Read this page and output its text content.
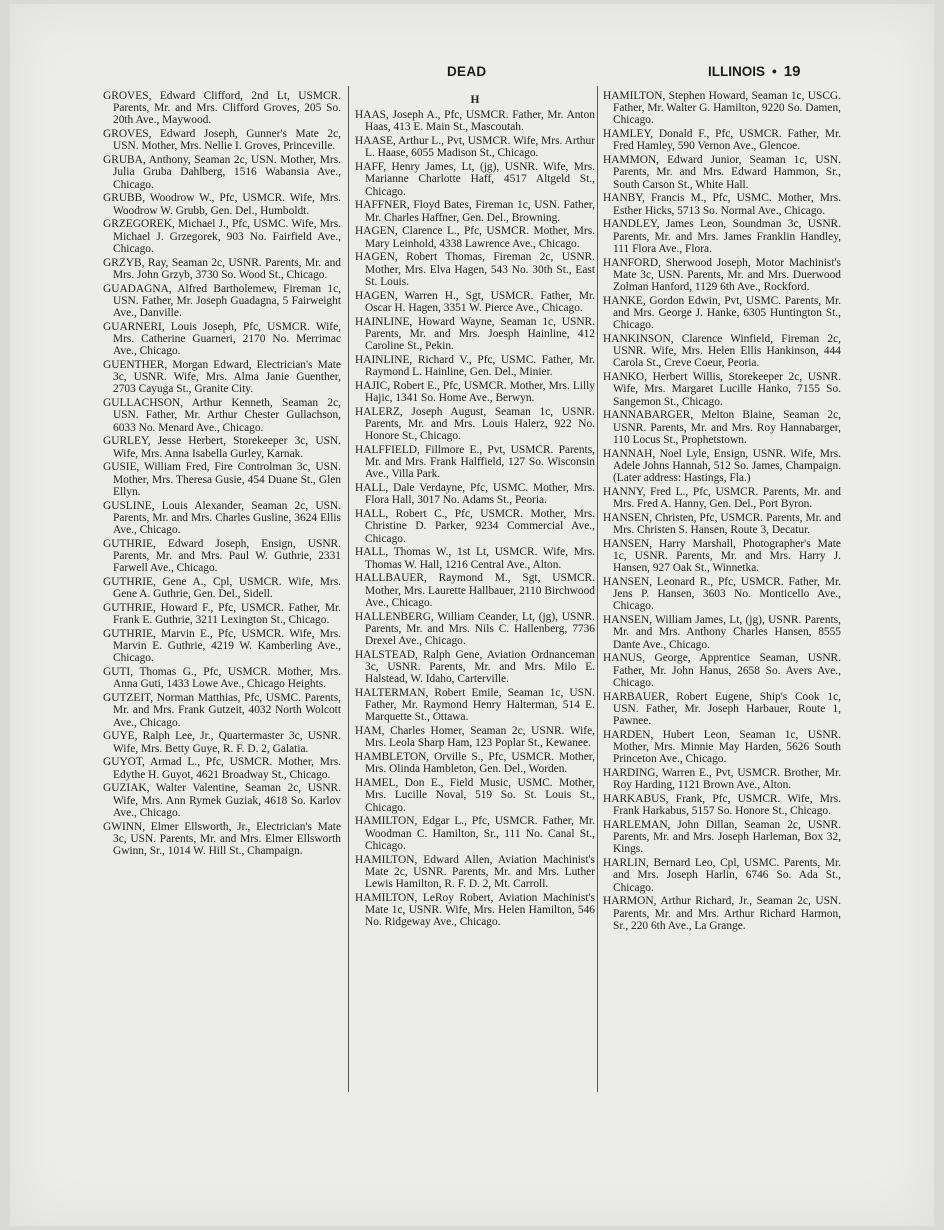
DEAD	ILLINOIS • 19
GROVES, Edward Clifford, 2nd Lt, USMCR. Parents, Mr. and Mrs. Clifford Groves, 205 So. 20th Ave., Maywood.
GROVES, Edward Joseph, Gunner's Mate 2c, USN. Mother, Mrs. Nellie I. Groves, Princeville.
GRUBA, Anthony, Seaman 2c, USN. Mother, Mrs. Julia Gruba Dahlberg, 1516 Wabansia Ave., Chicago.
GRUBB, Woodrow W., Pfc, USMCR. Wife, Mrs. Woodrow W. Grubb, Gen. Del., Humboldt.
GRZEGOREK, Michael J., Pfc, USMC. Wife, Mrs. Michael J. Grzegorek, 903 No. Fairfield Ave., Chicago.
GRZYB, Ray, Seaman 2c, USNR. Parents, Mr. and Mrs. John Grzyb, 3730 So. Wood St., Chicago.
GUADAGNA, Alfred Bartholemew, Fireman 1c, USN. Father, Mr. Joseph Guadagna, 5 Fairweight Ave., Danville.
GUARNERI, Louis Joseph, Pfc, USMCR. Wife, Mrs. Catherine Guarneri, 2170 No. Merrimac Ave., Chicago.
GUENTHER, Morgan Edward, Electrician's Mate 3c, USNR. Wife, Mrs. Alma Janie Guenther, 2703 Cayuga St., Granite City.
GULLACHSON, Arthur Kenneth, Seaman 2c, USN. Father, Mr. Arthur Chester Gullachson, 6033 No. Menard Ave., Chicago.
GURLEY, Jesse Herbert, Storekeeper 3c, USN. Wife, Mrs. Anna Isabella Gurley, Karnak.
GUSIE, William Fred, Fire Controlman 3c, USN. Mother, Mrs. Theresa Gusie, 454 Duane St., Glen Ellyn.
GUSLINE, Louis Alexander, Seaman 2c, USN. Parents, Mr. and Mrs. Charles Gusline, 3624 Ellis Ave., Chicago.
GUTHRIE, Edward Joseph, Ensign, USNR. Parents, Mr. and Mrs. Paul W. Guthrie, 2331 Farwell Ave., Chicago.
GUTHRIE, Gene A., Cpl, USMCR. Wife, Mrs. Gene A. Guthrie, Gen. Del., Sidell.
GUTHRIE, Howard F., Pfc, USMCR. Father, Mr. Frank E. Guthrie, 3211 Lexington St., Chicago.
GUTHRIE, Marvin E., Pfc, USMCR. Wife, Mrs. Marvin E. Guthrie, 4219 W. Kamberling Ave., Chicago.
GUTI, Thomas G., Pfc, USMCR. Mother, Mrs. Anna Guti, 1433 Lowe Ave., Chicago Heights.
GUTZEIT, Norman Matthias, Pfc, USMC. Parents, Mr. and Mrs. Frank Gutzeit, 4032 North Wolcott Ave., Chicago.
GUYE, Ralph Lee, Jr., Quartermaster 3c, USNR. Wife, Mrs. Betty Guye, R. F. D. 2, Galatia.
GUYOT, Armad L., Pfc, USMCR. Mother, Mrs. Edythe H. Guyot, 4621 Broadway St., Chicago.
GUZIAK, Walter Valentine, Seaman 2c, USNR. Wife, Mrs. Ann Rymek Guziak, 4618 So. Karlov Ave., Chicago.
GWINN, Elmer Ellsworth, Jr., Electrician's Mate 3c, USN. Parents, Mr. and Mrs. Elmer Ellsworth Gwinn, Sr., 1014 W. Hill St., Champaign.
H
HAAS, Joseph A., Pfc, USMCR. Father, Mr. Anton Haas, 413 E. Main St., Mascoutah.
HAASE, Arthur L., Pvt, USMCR. Wife, Mrs. Arthur L. Haase, 6055 Madison St., Chicago.
HAFF, Henry James, Lt, (jg), USNR. Wife, Mrs. Marianne Charlotte Haff, 4517 Altgeld St., Chicago.
HAFFNER, Floyd Bates, Fireman 1c, USN. Father, Mr. Charles Haffner, Gen. Del., Browning.
HAGEN, Clarence L., Pfc, USMCR. Mother, Mrs. Mary Leinhold, 4338 Lawrence Ave., Chicago.
HAGEN, Robert Thomas, Fireman 2c, USNR. Mother, Mrs. Elva Hagen, 543 No. 30th St., East St. Louis.
HAGEN, Warren H., Sgt, USMCR. Father, Mr. Oscar H. Hagen, 3351 W. Pierce Ave., Chicago.
HAINLINE, Howard Wayne, Seaman 1c, USNR. Parents, Mr. and Mrs. Joesph Hainline, 412 Caroline St., Pekin.
HAINLINE, Richard V., Pfc, USMC. Father, Mr. Raymond L. Hainline, Gen. Del., Minier.
HAJIC, Robert E., Pfc, USMCR. Mother, Mrs. Lilly Hajic, 1341 So. Home Ave., Berwyn.
HALERZ, Joseph August, Seaman 1c, USNR. Parents, Mr. and Mrs. Louis Halerz, 922 No. Honore St., Chicago.
HALFFIELD, Fillmore E., Pvt, USMCR. Parents, Mr. and Mrs. Frank Halffield, 127 So. Wisconsin Ave., Villa Park.
HALL, Dale Verdayne, Pfc, USMC. Mother, Mrs. Flora Hall, 3017 No. Adams St., Peoria.
HALL, Robert C., Pfc, USMCR. Mother, Mrs. Christine D. Parker, 9234 Commercial Ave., Chicago.
HALL, Thomas W., 1st Lt, USMCR. Wife, Mrs. Thomas W. Hall, 1216 Central Ave., Alton.
HALLBAUER, Raymond M., Sgt, USMCR. Mother, Mrs. Laurette Hallbauer, 2110 Birchwood Ave., Chicago.
HALLENBERG, William Ceander, Lt, (jg), USNR. Parents, Mr. and Mrs. Nils C. Hallenberg, 7736 Drexel Ave., Chicago.
HALSTEAD, Ralph Gene, Aviation Ordnanceman 3c, USNR. Parents, Mr. and Mrs. Milo E. Halstead, W. Idaho, Carterville.
HALTERMAN, Robert Emile, Seaman 1c, USN. Father, Mr. Raymond Henry Halterman, 514 E. Marquette St., Ottawa.
HAM, Charles Homer, Seaman 2c, USNR. Wife, Mrs. Leola Sharp Ham, 123 Poplar St., Kewanee.
HAMBLETON, Orville S., Pfc, USMCR. Mother, Mrs. Olinda Hambleton, Gen. Del., Worden.
HAMEL, Don E., Field Music, USMC. Mother, Mrs. Lucille Noval, 519 So. St. Louis St., Chicago.
HAMILTON, Edgar L., Pfc, USMCR. Father, Mr. Woodman C. Hamilton, Sr., 111 No. Canal St., Chicago.
HAMILTON, Edward Allen, Aviation Machinist's Mate 2c, USNR. Parents, Mr. and Mrs. Luther Lewis Hamilton, R. F. D. 2, Mt. Carroll.
HAMILTON, LeRoy Robert, Aviation Machinist's Mate 1c, USNR. Wife, Mrs. Helen Hamilton, 546 No. Ridgeway Ave., Chicago.
HAMILTON, Stephen Howard, Seaman 1c, USCG. Father, Mr. Walter G. Hamilton, 9220 So. Damen, Chicago.
HAMLEY, Donald F., Pfc, USMCR. Father, Mr. Fred Hamley, 590 Vernon Ave., Glencoe.
HAMMON, Edward Junior, Seaman 1c, USN. Parents, Mr. and Mrs. Edward Hammon, Sr., South Carson St., White Hall.
HANBY, Francis M., Pfc, USMC. Mother, Mrs. Esther Hicks, 5713 So. Normal Ave., Chicago.
HANDLEY, James Leon, Soundman 3c, USNR. Parents, Mr. and Mrs. James Franklin Handley, 111 Flora Ave., Flora.
HANFORD, Sherwood Joseph, Motor Machinist's Mate 3c, USN. Parents, Mr. and Mrs. Duerwood Zolman Hanford, 1129 6th Ave., Rockford.
HANKE, Gordon Edwin, Pvt, USMC. Parents, Mr. and Mrs. George J. Hanke, 6305 Huntington St., Chicago.
HANKINSON, Clarence Winfield, Fireman 2c, USNR. Wife, Mrs. Helen Ellis Hankinson, 444 Carola St., Creve Coeur, Peoria.
HANKO, Herbert Willis, Storekeeper 2c, USNR. Wife, Mrs. Margaret Lucille Hanko, 7155 So. Sangemon St., Chicago.
HANNABARGER, Melton Blaine, Seaman 2c, USNR. Parents, Mr. and Mrs. Roy Hannabarger, 110 Locus St., Prophetstown.
HANNAH, Noel Lyle, Ensign, USNR. Wife, Mrs. Adele Johns Hannah, 512 So. James, Champaign. (Later address: Hastings, Fla.)
HANNY, Fred L., Pfc, USMCR. Parents, Mr. and Mrs. Fred A. Hanny, Gen. Del., Port Byron.
HANSEN, Christen, Pfc, USMCR. Parents, Mr. and Mrs. Christen S. Hansen, Route 3, Decatur.
HANSEN, Harry Marshall, Photographer's Mate 1c, USNR. Parents, Mr. and Mrs. Harry J. Hansen, 927 Oak St., Winnetka.
HANSEN, Leonard R., Pfc, USMCR. Father, Mr. Jens P. Hansen, 3603 No. Monticello Ave., Chicago.
HANSEN, William James, Lt, (jg), USNR. Parents, Mr. and Mrs. Anthony Charles Hansen, 8555 Dante Ave., Chicago.
HANUS, George, Apprentice Seaman, USNR. Father, Mr. John Hanus, 2658 So. Avers Ave., Chicago.
HARBAUER, Robert Eugene, Ship's Cook 1c, USN. Father, Mr. Joseph Harbauer, Route 1, Pawnee.
HARDEN, Hubert Leon, Seaman 1c, USNR. Mother, Mrs. Minnie May Harden, 5626 South Princeton Ave., Chicago.
HARDING, Warren E., Pvt, USMCR. Brother, Mr. Roy Harding, 1121 Brown Ave., Alton.
HARKABUS, Frank, Pfc, USMCR. Wife, Mrs. Frank Harkabus, 5157 So. Honore St., Chicago.
HARLEMAN, John Dillan, Seaman 2c, USNR. Parents, Mr. and Mrs. Joseph Harleman, Box 32, Kings.
HARLIN, Bernard Leo, Cpl, USMC. Parents, Mr. and Mrs. Joseph Harlin, 6746 So. Ada St., Chicago.
HARMON, Arthur Richard, Jr., Seaman 2c, USN. Parents, Mr. and Mrs. Arthur Richard Harmon, Sr., 220 6th Ave., La Grange.
